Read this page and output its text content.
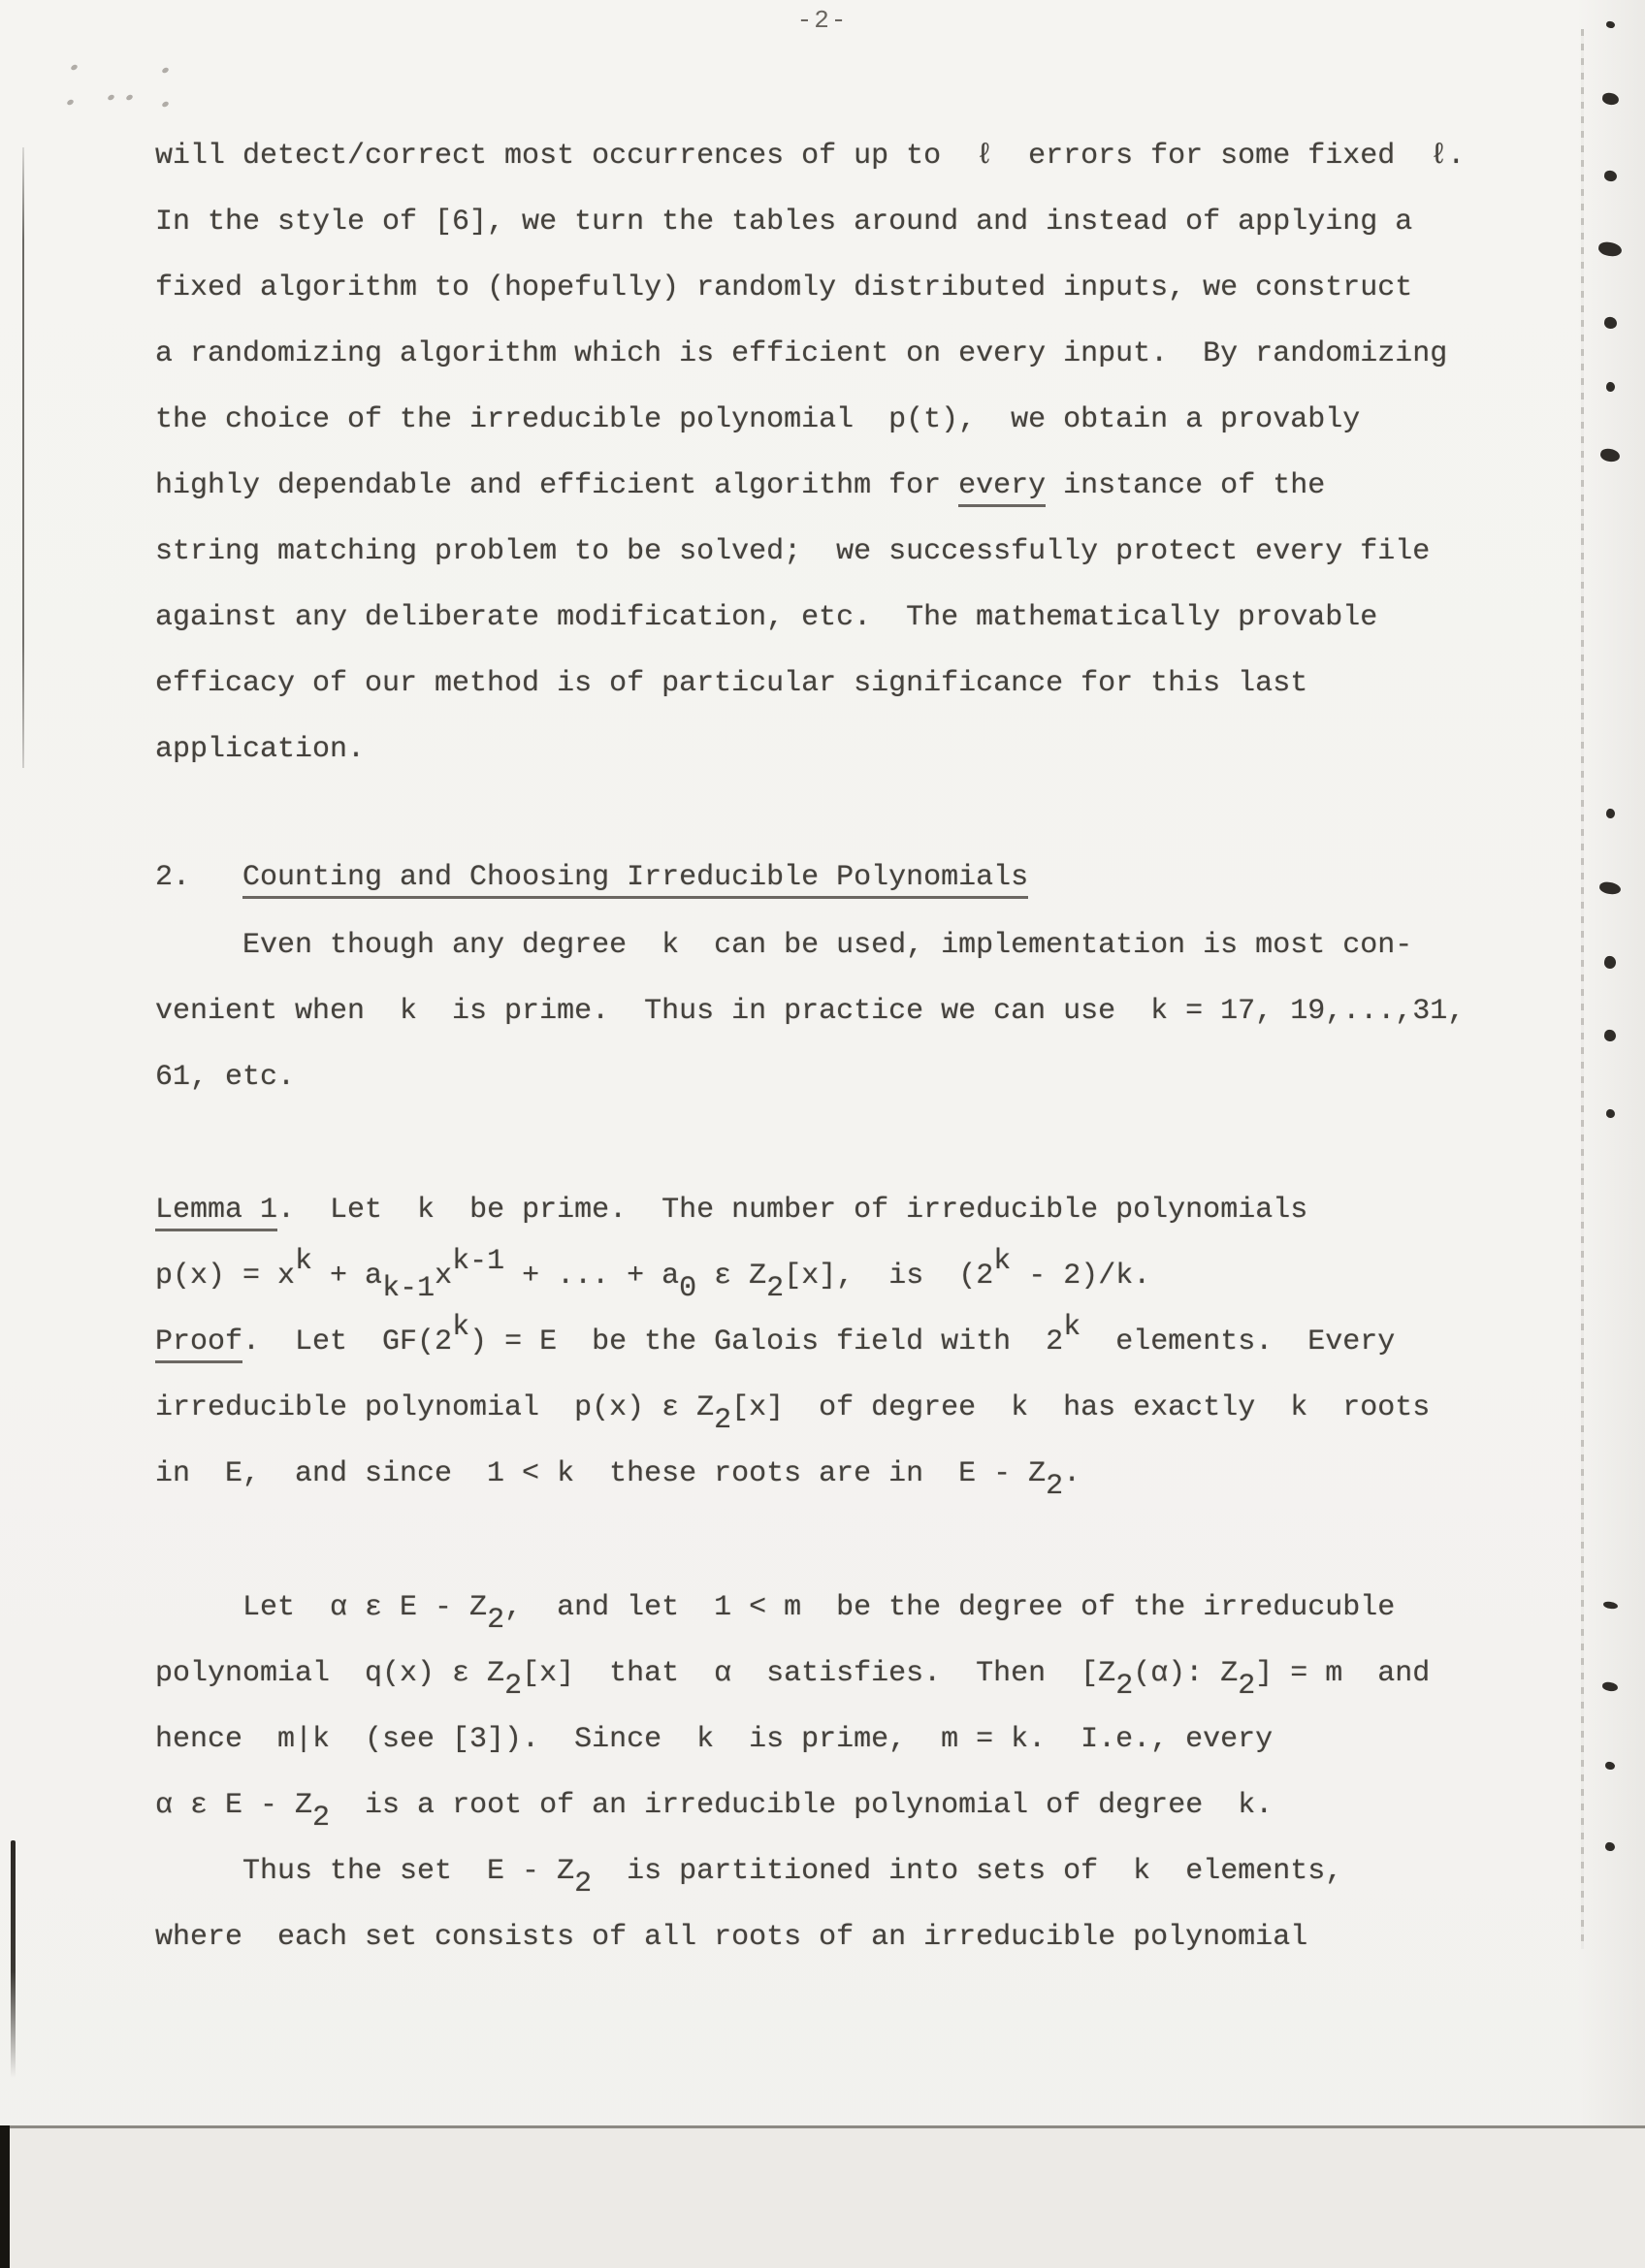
-2-
will detect/correct most occurrences of up to  ℓ  errors for some fixed  ℓ.
In the style of [6], we turn the tables around and instead of applying a
fixed algorithm to (hopefully) randomly distributed inputs, we construct
a randomizing algorithm which is efficient on every input.  By randomizing
the choice of the irreducible polynomial  p(t),  we obtain a provably
highly dependable and efficient algorithm for every instance of the
string matching problem to be solved;  we successfully protect every file
against any deliberate modification, etc.  The mathematically provable
efficacy of our method is of particular significance for this last
application.
2.   Counting and Choosing Irreducible Polynomials
Even though any degree  k  can be used, implementation is most con-
venient when  k  is prime.  Thus in practice we can use  k = 17, 19,...,31,
61, etc.
Lemma 1.  Let  k  be prime.  The number of irreducible polynomials
p(x) = xk + ak-1xk-1 + ... + a0 ε Z2[x],  is  (2k - 2)/k.
Proof.  Let  GF(2k) = E  be the Galois field with  2k  elements.  Every
irreducible polynomial  p(x) ε Z2[x]  of degree  k  has exactly  k  roots
in  E,  and since  1 < k  these roots are in  E - Z2.
Let  α ε E - Z2,  and let  1 < m  be the degree of the irreducuble
polynomial  q(x) ε Z2[x]  that  α  satisfies.  Then  [Z2(α): Z2] = m  and
hence  m|k  (see [3]).  Since  k  is prime,  m = k.  I.e., every
α ε E - Z2  is a root of an irreducible polynomial of degree  k.
Thus the set  E - Z2  is partitioned into sets of  k  elements,
where  each set consists of all roots of an irreducible polynomial
